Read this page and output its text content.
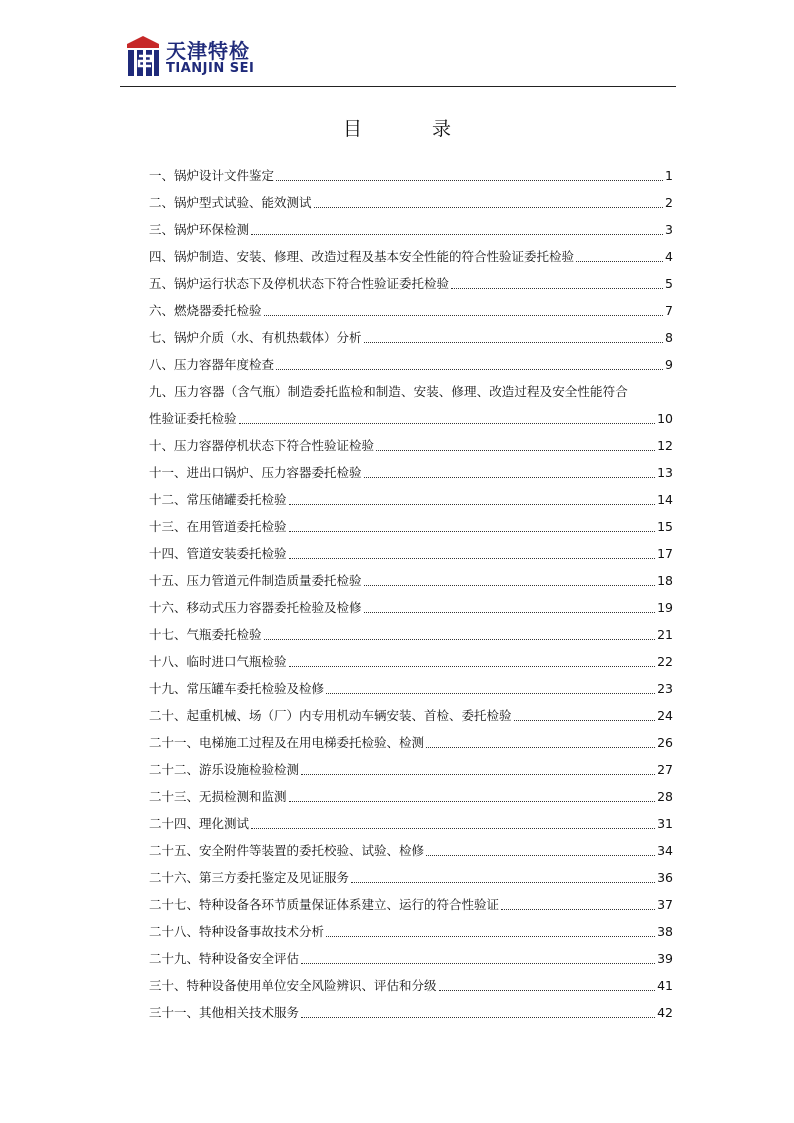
天津特检
TIANJIN SEI
目 录
一、锅炉设计文件鉴定	1
二、锅炉型式试验、能效测试	2
三、锅炉环保检测	3
四、锅炉制造、安装、修理、改造过程及基本安全性能的符合性验证委托检验	4
五、锅炉运行状态下及停机状态下符合性验证委托检验	5
六、燃烧器委托检验	7
七、锅炉介质（水、有机热载体）分析	8
八、压力容器年度检查	9
九、压力容器（含气瓶）制造委托监检和制造、安装、修理、改造过程及安全性能符合
性验证委托检验	10
十、压力容器停机状态下符合性验证检验	12
十一、进出口锅炉、压力容器委托检验	13
十二、常压储罐委托检验	14
十三、在用管道委托检验	15
十四、管道安装委托检验	17
十五、压力管道元件制造质量委托检验	18
十六、移动式压力容器委托检验及检修	19
十七、气瓶委托检验	21
十八、临时进口气瓶检验	22
十九、常压罐车委托检验及检修	23
二十、起重机械、场（厂）内专用机动车辆安装、首检、委托检验	24
二十一、电梯施工过程及在用电梯委托检验、检测	26
二十二、游乐设施检验检测	27
二十三、无损检测和监测	28
二十四、理化测试	31
二十五、安全附件等装置的委托校验、试验、检修	34
二十六、第三方委托鉴定及见证服务	36
二十七、特种设备各环节质量保证体系建立、运行的符合性验证	37
二十八、特种设备事故技术分析	38
二十九、特种设备安全评估	39
三十、特种设备使用单位安全风险辨识、评估和分级	41
三十一、其他相关技术服务	42
